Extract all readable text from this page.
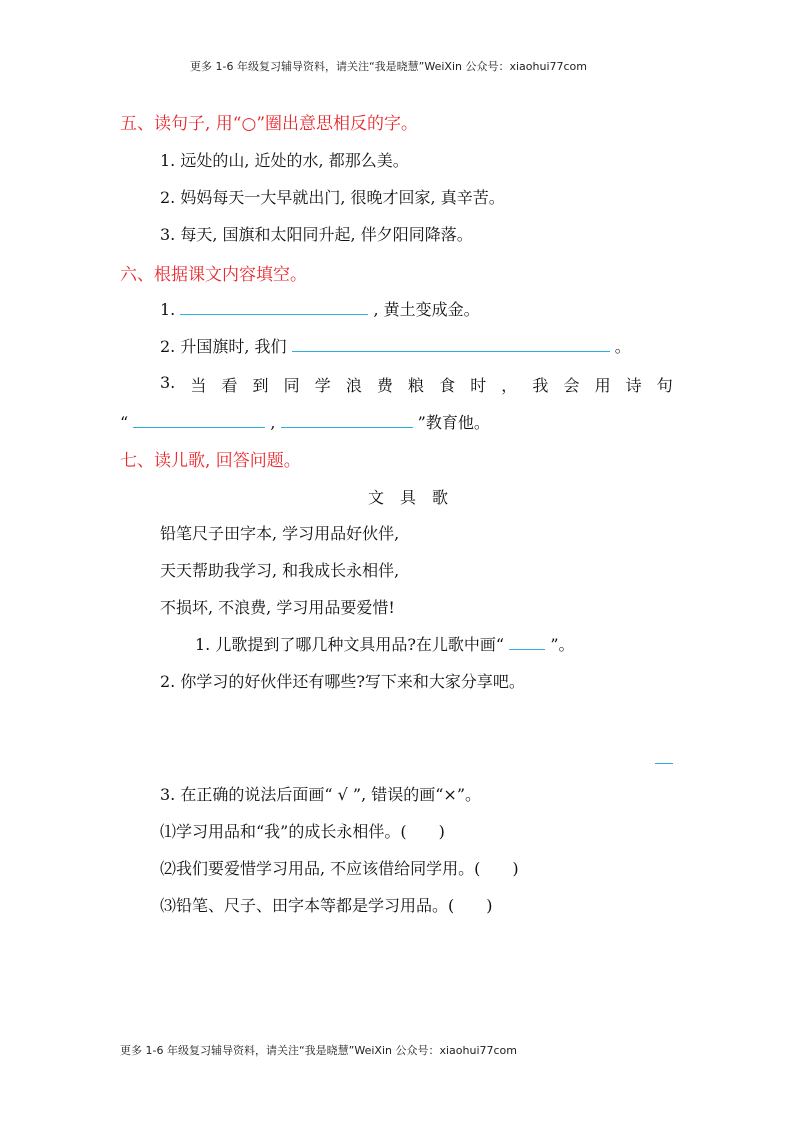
更多 1-6 年级复习辅导资料，请关注“我是晓慧”WeiXin 公众号：xiaohui77com
五、读句子, 用“○”圈出意思相反的字。
1. 远处的山, 近处的水, 都那么美。
2. 妈妈每天一大早就出门, 很晚才回家, 真辛苦。
3. 每天, 国旗和太阳同升起, 伴夕阳同降落。
六、根据课文内容填空。
1.	, 黄土变成金。
2. 升国旗时, 我们	。
3. 当 看 到 同 学 浪 费 粮 食 时 ， 我 会 用 诗 句
“	,	”教育他。
七、读儿歌, 回答问题。
文　具　歌
铅笔尺子田字本, 学习用品好伙伴,
天天帮助我学习, 和我成长永相伴,
不损坏, 不浪费, 学习用品要爱惜!
1. 儿歌提到了哪几种文具用品?在儿歌中画“	”。
2. 你学习的好伙伴还有哪些?写下来和大家分享吧。
3. 在正确的说法后面画“ √ ”, 错误的画“×”。
⑴学习用品和“我”的成长永相伴。(　　)
⑵我们要爱惜学习用品, 不应该借给同学用。(　　)
⑶铅笔、尺子、田字本等都是学习用品。(　　)
更多 1-6 年级复习辅导资料，请关注“我是晓慧”WeiXin 公众号：xiaohui77com
